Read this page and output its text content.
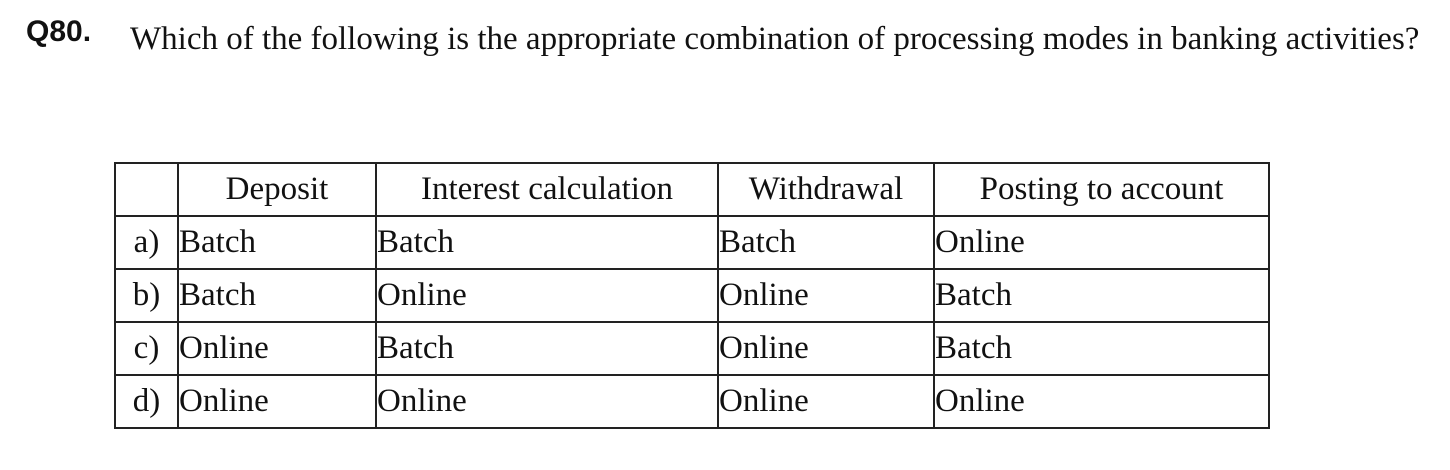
Q80. Which of the following is the appropriate combination of processing modes in banking activities?

	Deposit	Interest calculation	Withdrawal	Posting to account
a)	Batch	Batch	Batch	Online
b)	Batch	Online	Online	Batch
c)	Online	Batch	Online	Batch
d)	Online	Online	Online	Online
